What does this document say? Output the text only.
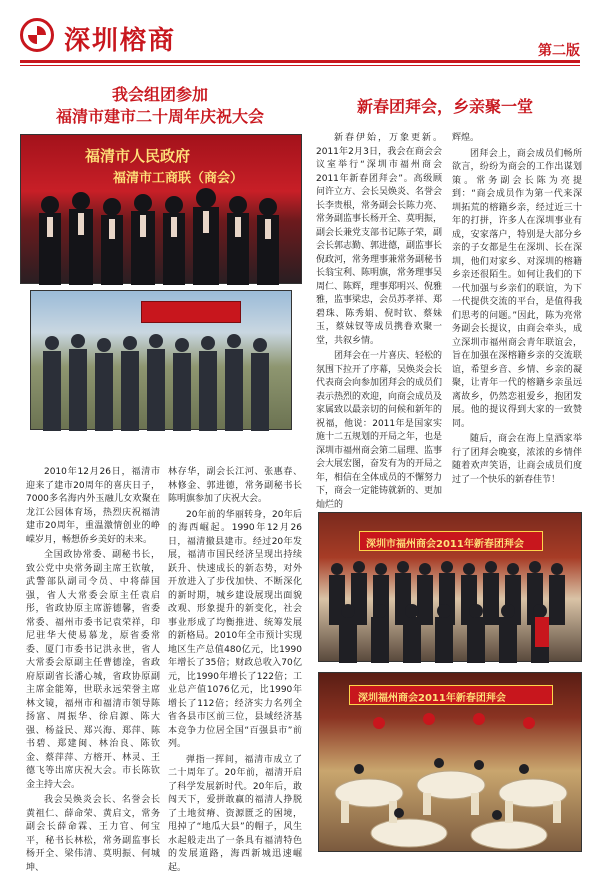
深圳榕商	第二版
我会组团参加
福清市建市二十周年庆祝大会
新春团拜会，乡亲聚一堂
福清市人民政府
福清市工商联（商会）

2010年12月26日，福清市迎来了建市20周年的喜庆日子，7000多名海内外玉融儿女欢聚在龙江公园体育场，热烈庆祝福清建市20周年，重温激情创业的峥嵘岁月，畅想侨乡美好的未来。

全国政协常委、副秘书长，致公党中央常务副主席王钦敏，武警部队副司令员、中将薛国强，省人大常委会原主任袁启彤，省政协原主席游德馨，省委常委、福州市委书记袁荣祥，印尼驻华大使易慕龙，原省委常委、厦门市委书记洪永世，省人大常委会原副主任曹德淦，省政府原副省长潘心城，省政协原副主席金能筹，世联永远荣誉主席林文镜，福州市和福清市领导陈扬富、周振华、徐启源、陈大强、杨益民、郑兴海、郑萍、陈书碧、郑建闽、林治良、陈钦金、蔡萍萍、方榕开、林灵、王德飞等出席庆祝大会。市长陈钦金主持大会。

我会吴焕炎会长、名誉会长黄祖仁、薛命荣、黄启文，常务副会长薛命霖、王力官、何宝平，秘书长林松，常务副监事长杨开全、梁伟清、莫明振、何城坤、

林存华，副会长江河、张惠春、林修金、郭进德，常务副秘书长陈明旗参加了庆祝大会。

20年前的华丽转身，20年后的海西崛起。1990年12月26日，福清撤县建市。经过20年发展，福清市国民经济呈现出持续跃升、快速成长的新态势，对外开放进入了步伐加快、不断深化的新时期，城乡建设展现出面貌改观、形象提升的新变化，社会事业形成了均衡推进、统筹发展的新格局。2010年全市预计实现地区生产总值480亿元，比1990年增长了35倍；财政总收入70亿元，比1990年增长了122倍；工业总产值1076亿元，比1990年增长了112倍；经济实力名列全省各县市区前三位，县域经济基本竞争力位居全国“百强县市”前列。

弹指一挥间，福清市成立了二十周年了。20年前，福清开启了科学发展新时代。20年后，敢闯天下，爱拼敢赢的福清人挣脱了土地贫瘠、资源匮乏的困境，甩掉了“地瓜大县”的帽子，风生水起般走出了一条具有福清特色的发展道路，海西新城迅速崛起。

新春伊始，万象更新。2011年2月3日，我会在商会会议室举行“深圳市福州商会2011年新春团拜会”。高级顾问许立方、会长吴焕炎、名誉会长李贵根，常务副会长陈力亮、常务副监事长杨开全、莫明振，副会长兼党支部书记陈子荣，副会长郭志勤、郭进德，副监事长倪政河，常务理事兼常务副秘书长翁宝利、陈明旗，常务理事吴周仁、陈辉，理事郑明兴、倪雅雅，监事梁忠，会员苏孝祥、郑碧珠、陈秀娟、倪时钦、蔡妹玉，蔡妹钗等成员携眷欢聚一堂，共叙乡情。

团拜会在一片喜庆、轻松的氛围下拉开了序幕，吴焕炎会长代表商会向参加团拜会的成员们表示热烈的欢迎，向商会成员及家属致以最亲切的问候和新年的祝福，他说：2011年是国家实施十二五规划的开局之年，也是深圳市福州商会第二届理、监事会大展宏图，奋发有为的开局之年，相信在全体成员的不懈努力下，商会一定能铸就新的、更加灿烂的

辉煌。

团拜会上，商会成员们畅所欲言，纷纷为商会的工作出谋划策。常务副会长陈为亮提到：“商会成员作为第一代来深圳拓荒的榕籍乡亲，经过近三十年的打拼，许多人在深圳事业有成，安家落户，特别是大部分乡亲的子女都是生在深圳、长在深圳，他们对家乡、对深圳的榕籍乡亲还很陌生。如何让我们的下一代加强与乡亲们的联谊，为下一代提供交流的平台，是值得我们思考的问题。”因此，陈为亮常务副会长提议，由商会牵头，成立深圳市福州商会青年联谊会，旨在加强在深榕籍乡亲的交流联谊，希望乡音、乡情、乡亲的凝聚，让青年一代的榕籍乡亲虽远离故乡，仍然恋祖爱乡，抱团发展。他的提议得到大家的一致赞同。

随后，商会在海上皇酒家举行了团拜会晚宴，浓浓的乡情伴随着欢声笑语，让商会成员们度过了一个快乐的新春佳节！

深圳市福州商会2011年新春团拜会
深圳福州商会2011年新春团拜会
